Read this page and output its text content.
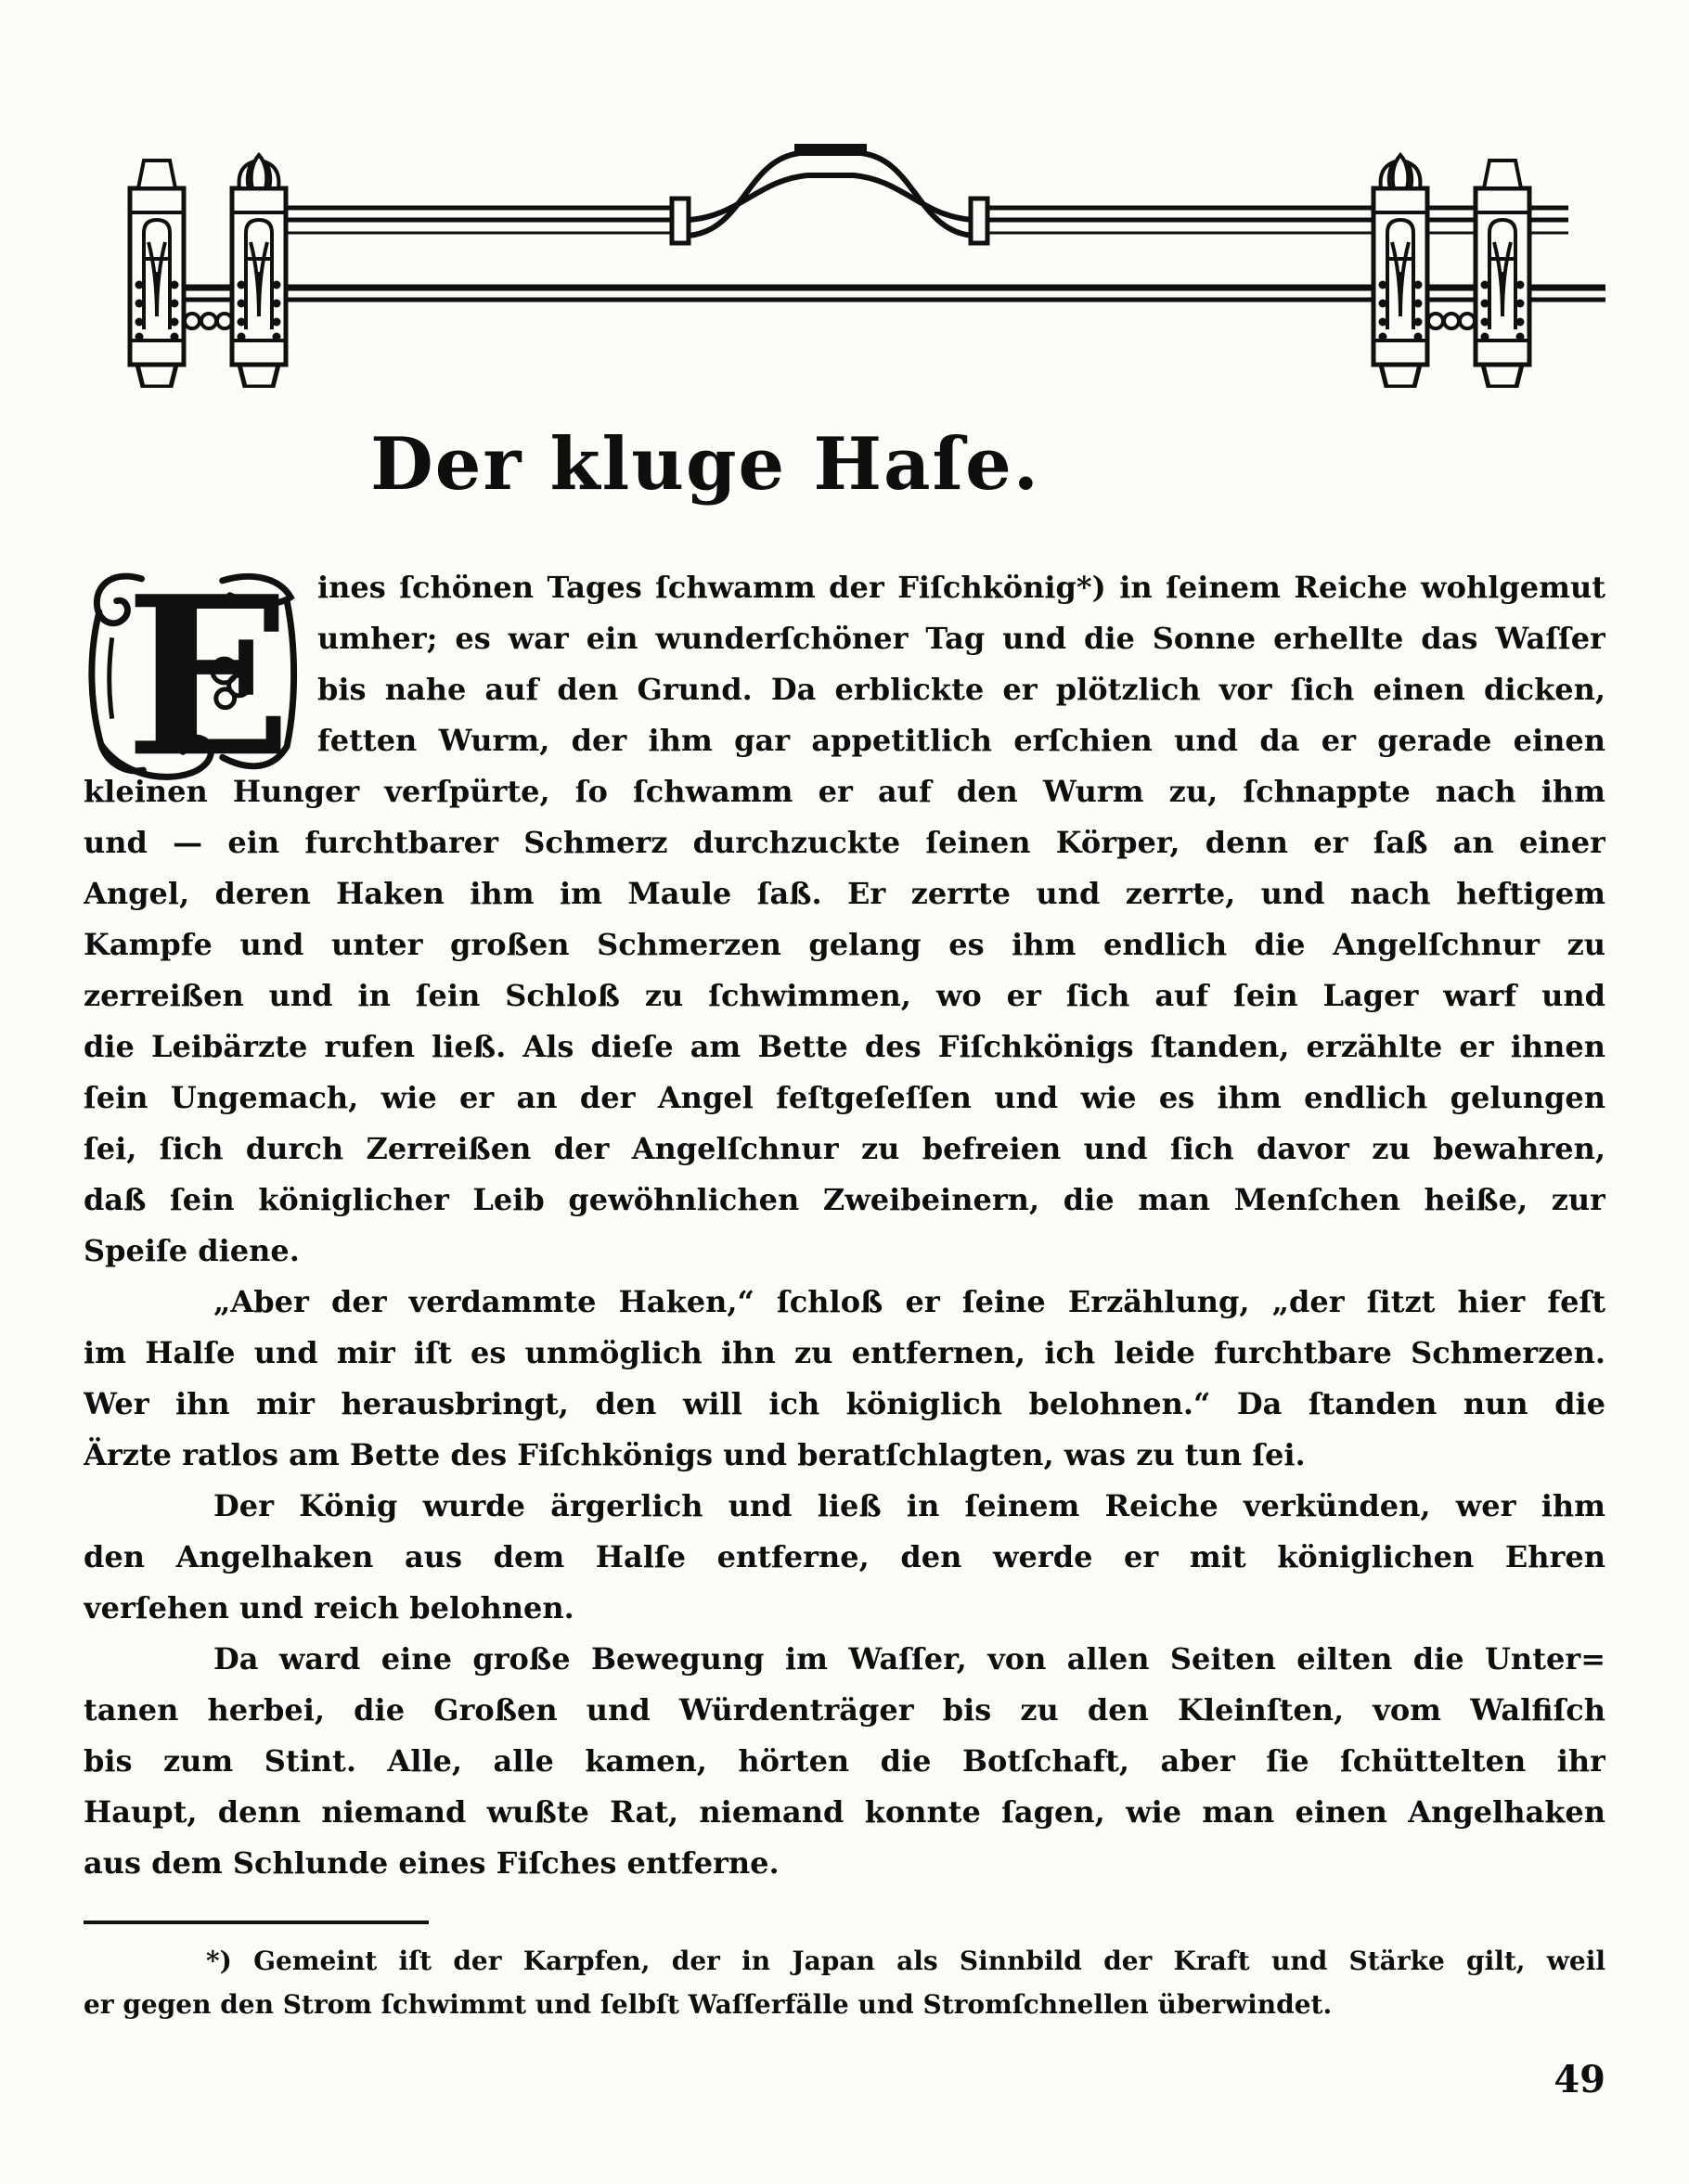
Der kluge Haſe.
E ines ſchönen Tages ſchwamm der Fiſchkönig*) in ſeinem Reiche wohlgemut
umher; es war ein wunderſchöner Tag und die Sonne erhellte das Waſſer
bis nahe auf den Grund. Da erblickte er plötzlich vor ſich einen dicken,
fetten Wurm, der ihm gar appetitlich erſchien und da er gerade einen
kleinen Hunger verſpürte, ſo ſchwamm er auf den Wurm zu, ſchnappte nach ihm
und — ein furchtbarer Schmerz durchzuckte ſeinen Körper, denn er ſaß an einer
Angel, deren Haken ihm im Maule ſaß. Er zerrte und zerrte, und nach heftigem
Kampfe und unter großen Schmerzen gelang es ihm endlich die Angelſchnur zu
zerreißen und in ſein Schloß zu ſchwimmen, wo er ſich auf ſein Lager warf und
die Leibärzte rufen ließ. Als dieſe am Bette des Fiſchkönigs ſtanden, erzählte er ihnen
ſein Ungemach, wie er an der Angel feſtgeſeſſen und wie es ihm endlich gelungen
ſei, ſich durch Zerreißen der Angelſchnur zu befreien und ſich davor zu bewahren,
daß ſein königlicher Leib gewöhnlichen Zweibeinern, die man Menſchen heiße, zur
Speiſe diene.
„Aber der verdammte Haken,“ ſchloß er ſeine Erzählung, „der ſitzt hier feſt
im Halſe und mir iſt es unmöglich ihn zu entfernen, ich leide furchtbare Schmerzen.
Wer ihn mir herausbringt, den will ich königlich belohnen.“ Da ſtanden nun die
Ärzte ratlos am Bette des Fiſchkönigs und beratſchlagten, was zu tun ſei.
Der König wurde ärgerlich und ließ in ſeinem Reiche verkünden, wer ihm
den Angelhaken aus dem Halſe entferne, den werde er mit königlichen Ehren
verſehen und reich belohnen.
Da ward eine große Bewegung im Waſſer, von allen Seiten eilten die Unter=
tanen herbei, die Großen und Würdenträger bis zu den Kleinſten, vom Walfiſch
bis zum Stint. Alle, alle kamen, hörten die Botſchaft, aber ſie ſchüttelten ihr
Haupt, denn niemand wußte Rat, niemand konnte ſagen, wie man einen Angelhaken
aus dem Schlunde eines Fiſches entferne.
*) Gemeint iſt der Karpfen, der in Japan als Sinnbild der Kraft und Stärke gilt, weil
er gegen den Strom ſchwimmt und ſelbſt Waſſerfälle und Stromſchnellen überwindet.
49
